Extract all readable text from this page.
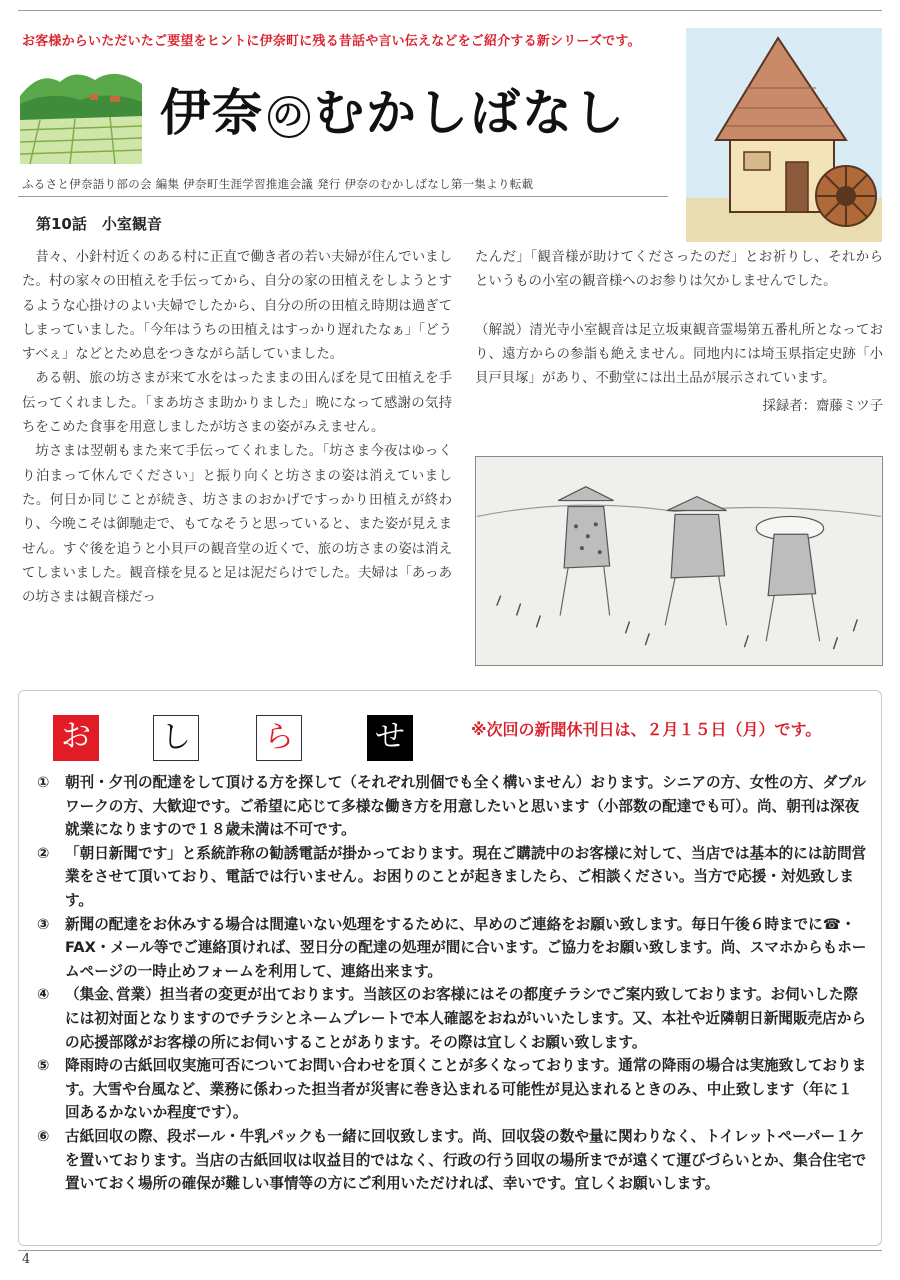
お客様からいただいたご要望をヒントに伊奈町に残る昔話や言い伝えなどをご紹介する新シリーズです。
伊奈 の むかしばなし
ふるさと伊奈語り部の会 編集 伊奈町生涯学習推進会議 発行 伊奈のむかしばなし第一集より転載
第10話　小室観音

昔々、小針村近くのある村に正直で働き者の若い夫婦が住んでいました。村の家々の田植えを手伝ってから、自分の家の田植えをしようとするような心掛けのよい夫婦でしたから、自分の所の田植え時期は過ぎてしまっていました。「今年はうちの田植えはすっかり遅れたなぁ」「どうすべぇ」などとため息をつきながら話していました。

ある朝、旅の坊さまが来て水をはったままの田んぼを見て田植えを手伝ってくれました。「まあ坊さま助かりました」晩になって感謝の気持ちをこめた食事を用意しましたが坊さまの姿がみえません。

坊さまは翌朝もまた来て手伝ってくれました。「坊さま今夜はゆっくり泊まって休んでください」と振り向くと坊さまの姿は消えていました。何日か同じことが続き、坊さまのおかげですっかり田植えが終わり、今晩こそは御馳走で、もてなそうと思っていると、また姿が見えません。すぐ後を追うと小貝戸の観音堂の近くで、旅の坊さまの姿は消えてしまいました。観音様を見ると足は泥だらけでした。夫婦は「あっあの坊さまは観音様だっ

たんだ」「観音様が助けてくださったのだ」とお祈りし、それからというもの小室の観音様へのお参りは欠かしませんでした。

（解説）清光寺小室観音は足立坂東観音霊場第五番札所となっており、遠方からの参詣も絶えません。同地内には埼玉県指定史跡「小貝戸貝塚」があり、不動堂には出土品が展示されています。

採録者：齋藤ミツ子

お し ら	せ	※次回の新聞休刊日は、２月１５日（月）です。
① 朝刊・夕刊の配達をして頂ける方を探して（それぞれ別個でも全く構いません）おります。シニアの方、女性の方、ダブルワークの方、大歓迎です。ご希望に応じて多様な働き方を用意したいと思います（小部数の配達でも可）。尚、朝刊は深夜就業になりますので１８歳未満は不可です。
② 「朝日新聞です」と系統詐称の勧誘電話が掛かっております。現在ご購読中のお客様に対して、当店では基本的には訪問営業をさせて頂いており、電話では行いません。お困りのことが起きましたら、ご相談ください。当方で応援・対処致します。
③ 新聞の配達をお休みする場合は間違いない処理をするために、早めのご連絡をお願い致します。毎日午後６時までに☎・FAX・メール等でご連絡頂ければ、翌日分の配達の処理が間に合います。ご協力をお願い致します。尚、スマホからもホームページの一時止めフォームを利用して、連絡出来ます。
④ （集金､営業）担当者の変更が出ております。当該区のお客様にはその都度チラシでご案内致しております。お伺いした際には初対面となりますのでチラシとネームプレートで本人確認をおねがいいたします。又、本社や近隣朝日新聞販売店からの応援部隊がお客様の所にお伺いすることがあります。その際は宜しくお願い致します。
⑤ 降雨時の古紙回収実施可否についてお問い合わせを頂くことが多くなっております。通常の降雨の場合は実施致しております。大雪や台風など、業務に係わった担当者が災害に巻き込まれる可能性が見込まれるときのみ、中止致します（年に１回あるかないか程度です）。
⑥ 古紙回収の際、段ボール・牛乳パックも一緒に回収致します。尚、回収袋の数や量に関わりなく、トイレットペーパー１ケを置いております。当店の古紙回収は収益目的ではなく、行政の行う回収の場所までが遠くて運びづらいとか、集合住宅で置いておく場所の確保が難しい事情等の方にご利用いただければ、幸いです。宜しくお願いします。
4
